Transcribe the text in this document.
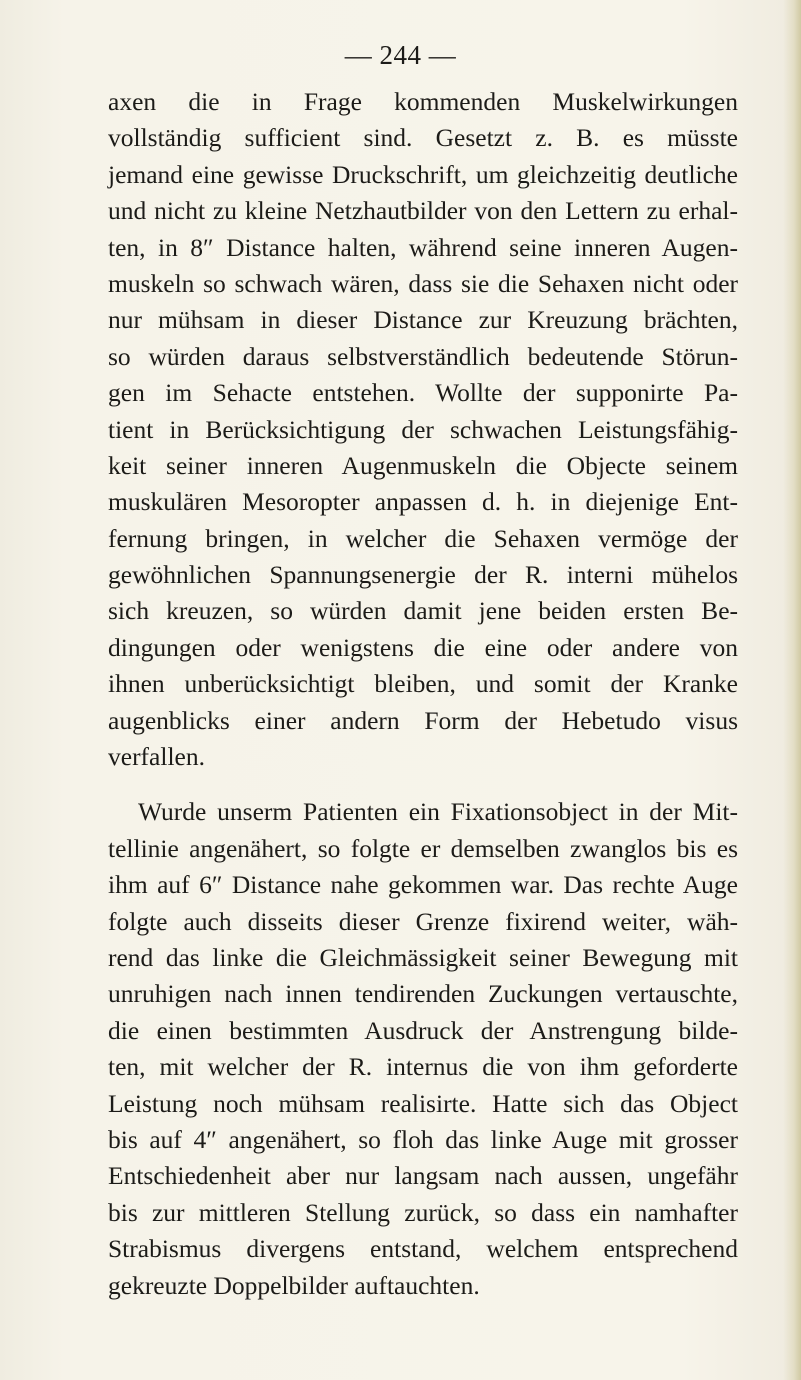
— 244 —
axen die in Frage kommenden Muskelwirkungen
vollständig sufficient sind. Gesetzt z. B. es müsste
jemand eine gewisse Druckschrift, um gleichzeitig deutliche
und nicht zu kleine Netzhautbilder von den Lettern zu erhal-
ten, in 8″ Distance halten, während seine inneren Augen-
muskeln so schwach wären, dass sie die Sehaxen nicht oder
nur mühsam in dieser Distance zur Kreuzung brächten,
so würden daraus selbstverständlich bedeutende Störun-
gen im Sehacte entstehen. Wollte der supponirte Pa-
tient in Berücksichtigung der schwachen Leistungsfähig-
keit seiner inneren Augenmuskeln die Objecte seinem
muskulären Mesoropter anpassen d. h. in diejenige Ent-
fernung bringen, in welcher die Sehaxen vermöge der
gewöhnlichen Spannungsenergie der R. interni mühelos
sich kreuzen, so würden damit jene beiden ersten Be-
dingungen oder wenigstens die eine oder andere von
ihnen unberücksichtigt bleiben, und somit der Kranke
augenblicks einer andern Form der Hebetudo visus
verfallen.
Wurde unserm Patienten ein Fixationsobject in der Mit-
tellinie angenähert, so folgte er demselben zwanglos bis es
ihm auf 6″ Distance nahe gekommen war. Das rechte Auge
folgte auch disseits dieser Grenze fixirend weiter, wäh-
rend das linke die Gleichmässigkeit seiner Bewegung mit
unruhigen nach innen tendirenden Zuckungen vertauschte,
die einen bestimmten Ausdruck der Anstrengung bilde-
ten, mit welcher der R. internus die von ihm geforderte
Leistung noch mühsam realisirte. Hatte sich das Object
bis auf 4″ angenähert, so floh das linke Auge mit grosser
Entschiedenheit aber nur langsam nach aussen, ungefähr
bis zur mittleren Stellung zurück, so dass ein namhafter
Strabismus divergens entstand, welchem entsprechend
gekreuzte Doppelbilder auftauchten.
